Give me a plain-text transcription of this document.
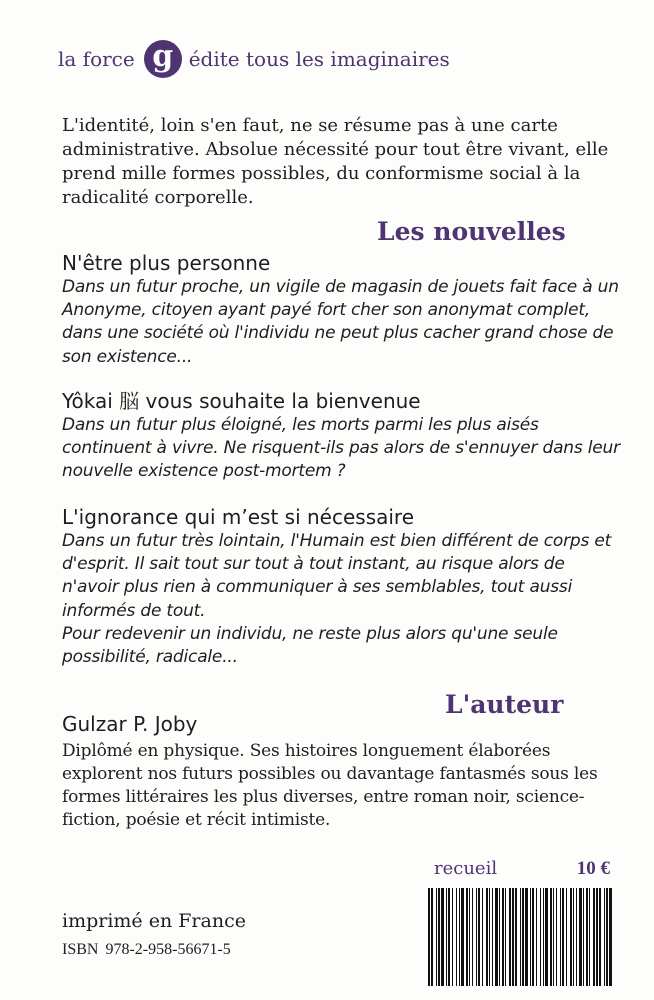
la force g édite tous les imaginaires

L'identité, loin s'en faut, ne se résume pas à une carte administrative. Absolue nécessité pour tout être vivant, elle prend mille formes possibles, du conformisme social à la radicalité corporelle.

Les nouvelles

N'être plus personne

Dans un futur proche, un vigile de magasin de jouets fait face à un Anonyme, citoyen ayant payé fort cher son anonymat complet, dans une société où l'individu ne peut plus cacher grand chose de son existence...

Yôkai 脳 vous souhaite la bienvenue

Dans un futur plus éloigné, les morts parmi les plus aisés continuent à vivre. Ne risquent-ils pas alors de s'ennuyer dans leur nouvelle existence post-mortem ?

L'ignorance qui m’est si nécessaire

Dans un futur très lointain, l'Humain est bien différent de corps et d'esprit. Il sait tout sur tout à tout instant, au risque alors de n'avoir plus rien à communiquer à ses semblables, tout aussi informés de tout.

Pour redevenir un individu, ne reste plus alors qu'une seule possibilité, radicale...

L'auteur

Gulzar P. Joby

Diplômé en physique. Ses histoires longuement élaborées explorent nos futurs possibles ou davantage fantasmés sous les formes littéraires les plus diverses, entre roman noir, science-fiction, poésie et récit intimiste.

imprimé en France

ISBN 978-2-958-56671-5

recueil	10 €
